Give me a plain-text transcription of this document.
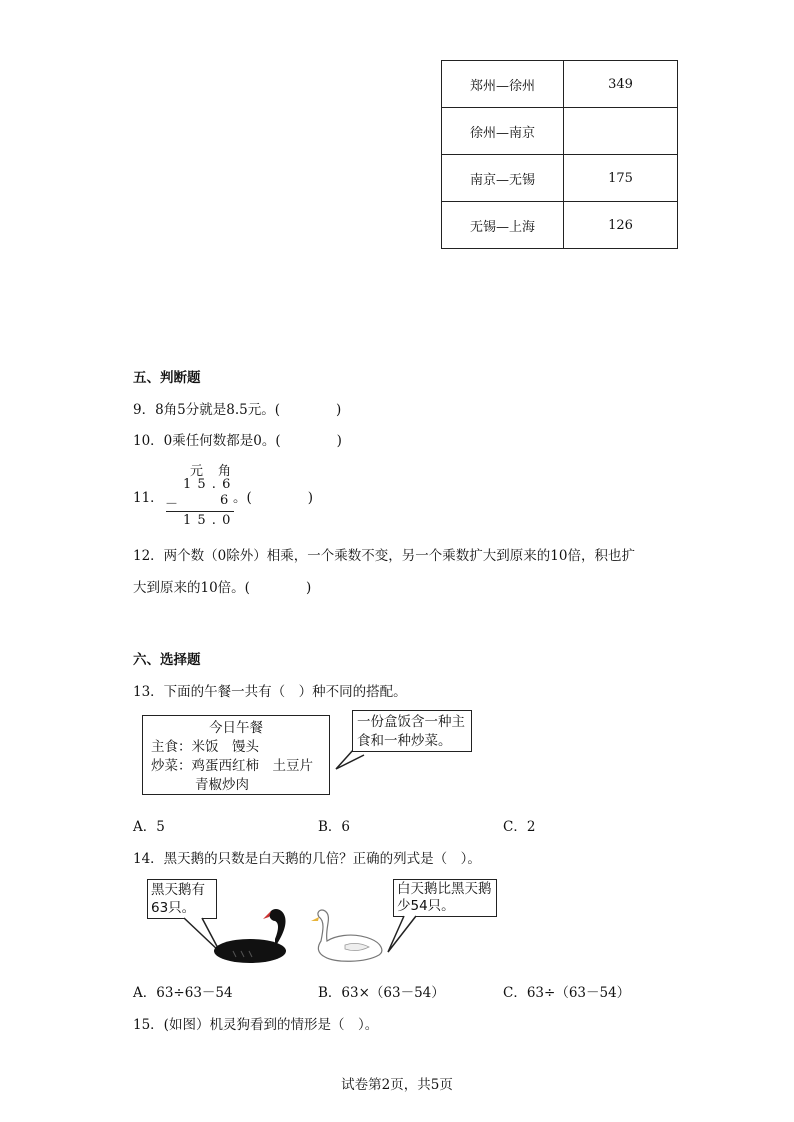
郑州—徐州	349
徐州—南京	
南京—无锡	175
无锡—上海	126
五、判断题
9．8角5分就是8.5元。(	)
10．0乘任何数都是0。(	)
11．
元 角
1 5 . 6
－	6
1 5 . 0
。(	)
12．两个数（0除外）相乘，一个乘数不变，另一个乘数扩大到原来的10倍，积也扩
大到原来的10倍。(	)
六、选择题
13．下面的午餐一共有（　）种不同的搭配。
今日午餐
主食：米饭　馒头
炒菜：鸡蛋西红柿　土豆片
青椒炒肉
一份盒饭含一种主
食和一种炒菜。
A．5	B．6	C．2
14．黑天鹅的只数是白天鹅的几倍？正确的列式是（　）。
黑天鹅有
63只。
白天鹅比黑天鹅
少54只。
A．63÷63－54	B．63×（63－54）	C．63÷（63－54）
15．(如图）机灵狗看到的情形是（　）。
试卷第2页，共5页
